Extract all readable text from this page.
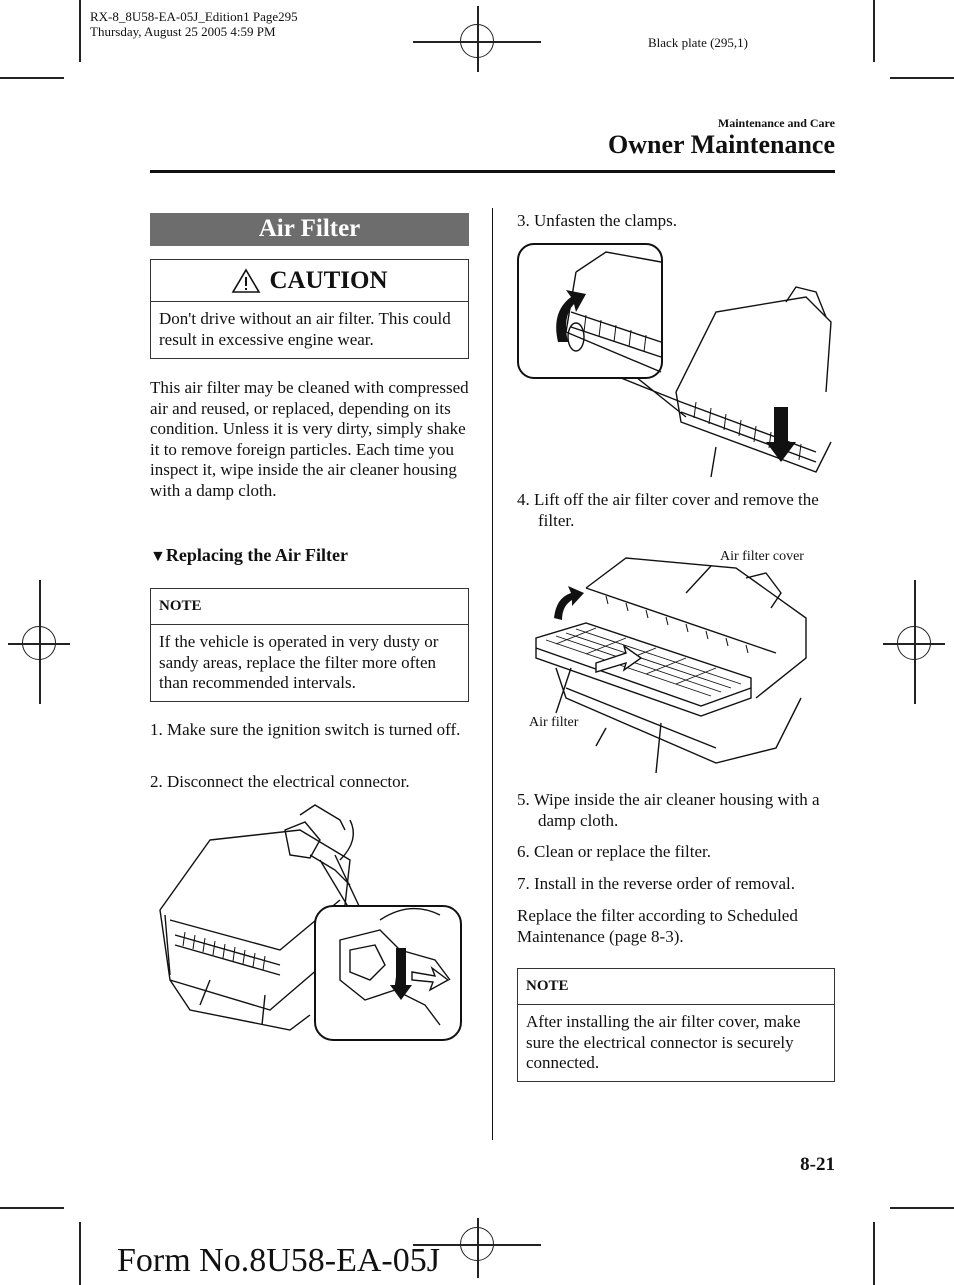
RX-8_8U58-EA-05J_Edition1 Page295
Thursday, August 25 2005 4:59 PM
Black plate (295,1)
Maintenance and Care
Owner Maintenance
Air Filter
CAUTION
Don't drive without an air filter. This could result in excessive engine wear.
This air filter may be cleaned with compressed air and reused, or replaced, depending on its condition. Unless it is very dirty, simply shake it to remove foreign particles. Each time you inspect it, wipe inside the air cleaner housing with a damp cloth.
▼Replacing the Air Filter
NOTE
If the vehicle is operated in very dusty or sandy areas, replace the filter more often than recommended intervals.
1. Make sure the ignition switch is turned off.
2. Disconnect the electrical connector.
3. Unfasten the clamps.
4. Lift off the air filter cover and remove the filter.
Air filter cover
Air filter
5. Wipe inside the air cleaner housing with a damp cloth.
6. Clean or replace the filter.
7. Install in the reverse order of removal.
Replace the filter according to Scheduled Maintenance (page 8-3).
NOTE
After installing the air filter cover, make sure the electrical connector is securely connected.
8-21
Form No.8U58-EA-05J
